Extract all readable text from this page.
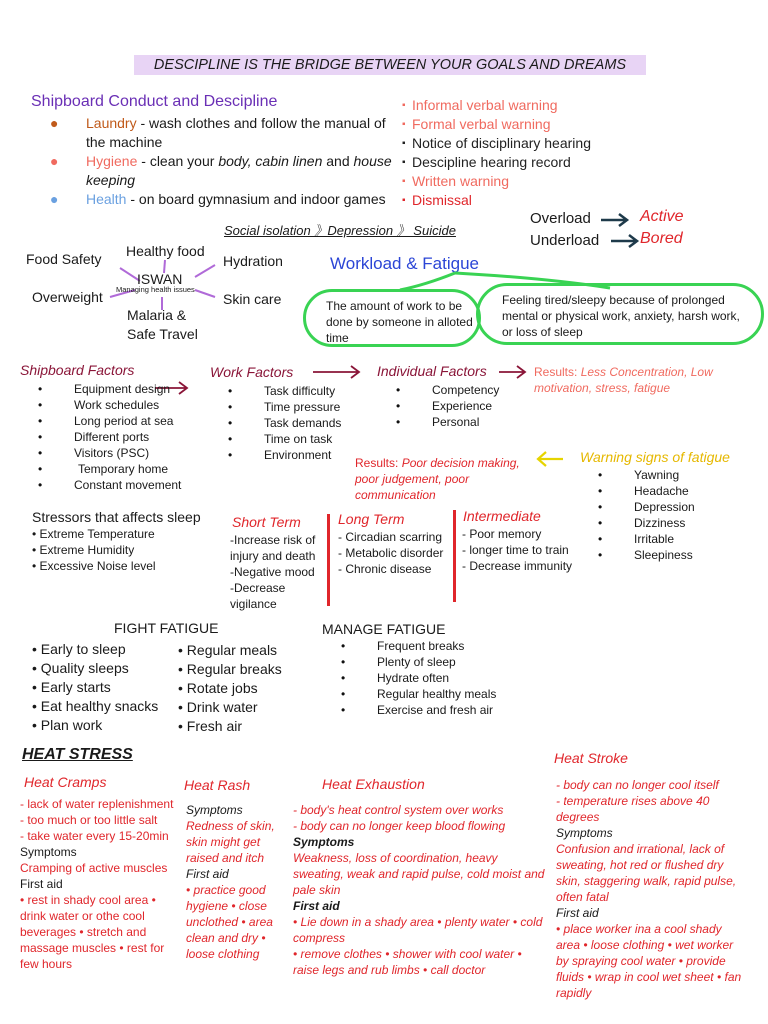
DESCIPLINE IS THE BRIDGE BETWEEN YOUR GOALS AND DREAMS
Shipboard Conduct and Descipline
● Laundry - wash clothes and follow the manual of the machine
● Hygiene - clean your body, cabin linen and house keeping
● Health - on board gymnasium and indoor games
▪ Informal verbal warning
▪ Formal verbal warning
▪ Notice of disciplinary hearing
▪ Descipline hearing record
▪ Written warning
▪ Dismissal
Social isolation 》Depression 》 Suicide
Overload	Active
Underload	Bored
Food Safety Healthy food
Hydration
ISWAN
Managing health issues
Overweight	Skin care
Malaria &
Safe Travel
Workload & Fatigue
The amount of work to be done by someone in alloted time
Feeling tired/sleepy because of prolonged mental or physical work, anxiety, harsh work, or loss of sleep
Shipboard Factors
• Equipment design
• Work schedules
• Long period at sea
• Different ports
• Visitors (PSC)
• Temporary home
• Constant movement
Work Factors
• Task difficulty
• Time pressure
• Task demands
• Time on task
• Environment
Individual Factors
• Competency
• Experience
• Personal
Results: Less Concentration, Low motivation, stress, fatigue
Results: Poor decision making, poor judgement, poor communication
Warning signs of fatigue
• Yawning
• Headache
• Depression
• Dizziness
• Irritable
• Sleepiness
Stressors that affects sleep
• Extreme Temperature
• Extreme Humidity
• Excessive Noise level
Short Term
-Increase risk of injury and death
-Negative mood
-Decrease vigilance
Long Term
- Circadian scarring
- Metabolic disorder
- Chronic disease
Intermediate
- Poor memory
- longer time to train
- Decrease immunity
FIGHT FATIGUE
• Early to sleep
• Quality sleeps
• Early starts
• Eat healthy snacks
• Plan work
• Regular meals
• Regular breaks
• Rotate jobs
• Drink water
• Fresh air
MANAGE FATIGUE
• Frequent breaks
• Plenty of sleep
• Hydrate often
• Regular healthy meals
• Exercise and fresh air
HEAT STRESS
Heat Cramps
- lack of water replenishment
- too much or too little salt
- take water every 15-20min
Symptoms
Cramping of active muscles
First aid
• rest in shady cool area • drink water or othe cool beverages • stretch and massage muscles • rest for few hours
Heat Rash
Symptoms
Redness of skin, skin might get raised and itch
First aid
• practice good hygiene • close unclothed • area clean and dry • loose clothing
Heat Exhaustion
- body's heat control system over works
- body can no longer keep blood flowing
Symptoms
Weakness, loss of coordination, heavy sweating, weak and rapid pulse, cold moist and pale skin
First aid
• Lie down in a shady area • plenty water • cold compress
• remove clothes • shower with cool water • raise legs and rub limbs • call doctor
Heat Stroke
- body can no longer cool itself
- temperature rises above 40 degrees
Symptoms
Confusion and irrational, lack of sweating, hot red or flushed dry skin, staggering walk, rapid pulse, often fatal
First aid
• place worker ina a cool shady area • loose clothing • wet worker by spraying cool water • provide fluids • wrap in cool wet sheet • fan rapidly
